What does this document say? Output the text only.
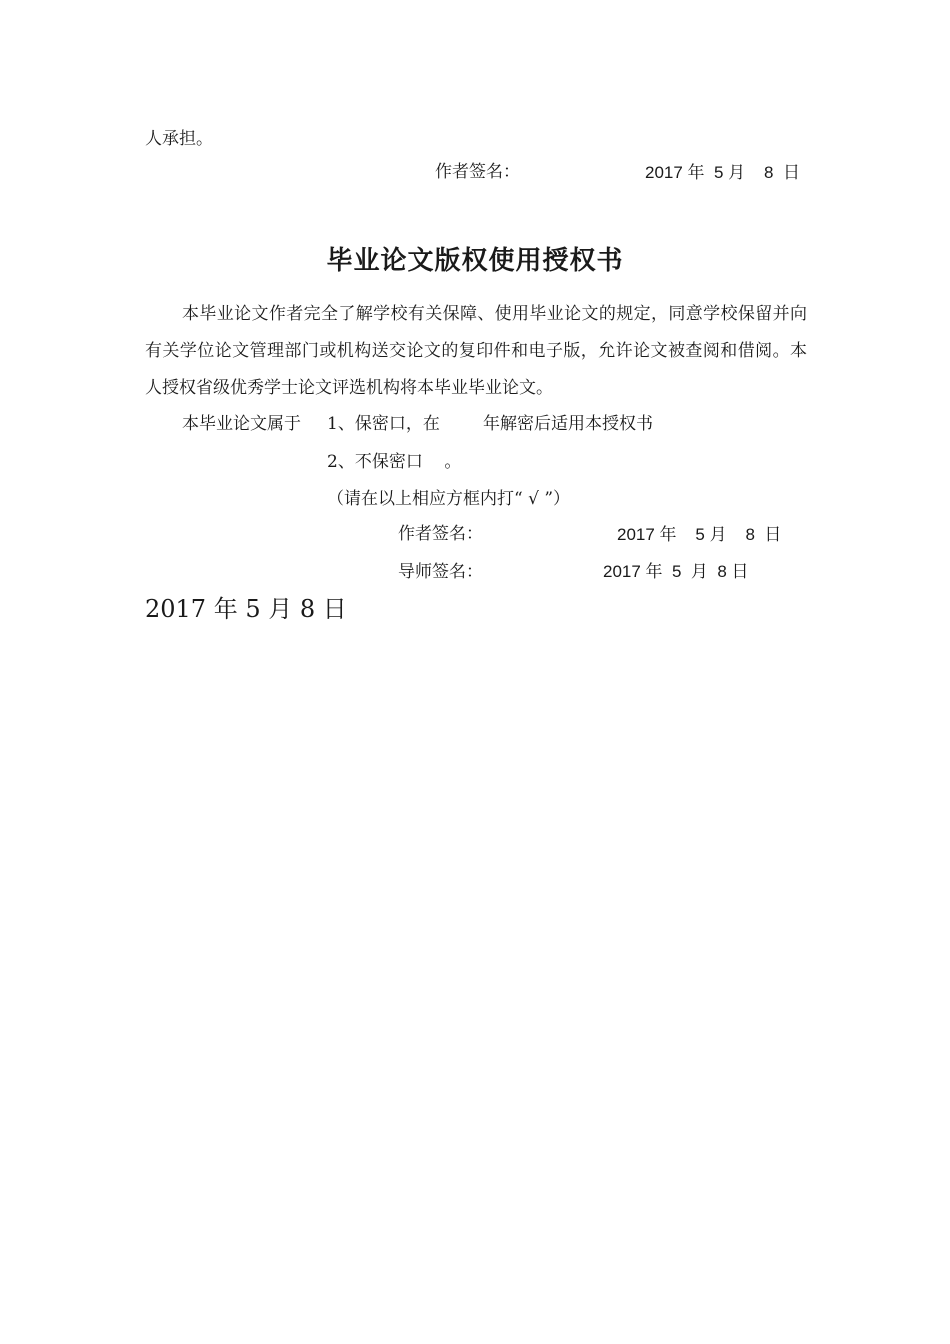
人承担。
作者签名：	2017 年  5 月    8  日
毕业论文版权使用授权书
本毕业论文作者完全了解学校有关保障、使用毕业论文的规定，同意学校保留并向有关学位论文管理部门或机构送交论文的复印件和电子版，允许论文被查阅和借阅。本人授权省级优秀学士论文评选机构将本毕业毕业论文。
本毕业论文属于 1、保密口，在        年解密后适用本授权书
2、不保密口    。
（请在以上相应方框内打“ √ ”）
作者签名：	2017 年    5 月    8  日
导师签名：	2017 年  5  月  8 日
2017 年 5 月 8 日
